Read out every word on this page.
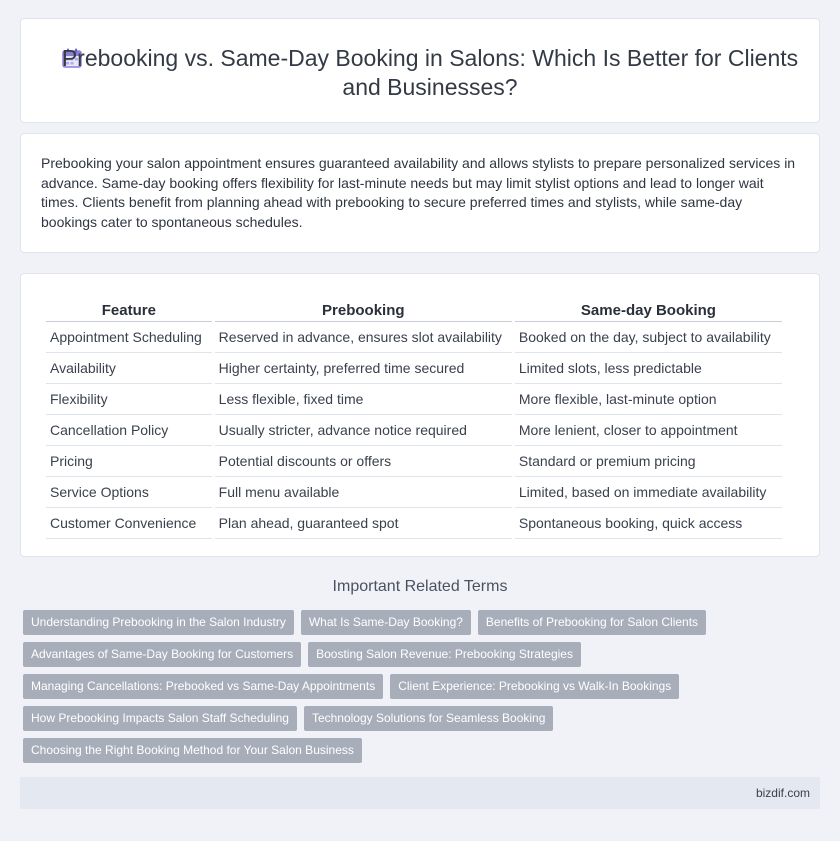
Prebooking vs. Same-Day Booking in Salons: Which Is Better for Clients and Businesses?

Prebooking your salon appointment ensures guaranteed availability and allows stylists to prepare personalized services in advance. Same-day booking offers flexibility for last-minute needs but may limit stylist options and lead to longer wait times. Clients benefit from planning ahead with prebooking to secure preferred times and stylists, while same-day bookings cater to spontaneous schedules.

Feature	Prebooking	Same-day Booking
Appointment Scheduling	Reserved in advance, ensures slot availability	Booked on the day, subject to availability
Availability	Higher certainty, preferred time secured	Limited slots, less predictable
Flexibility	Less flexible, fixed time	More flexible, last-minute option
Cancellation Policy	Usually stricter, advance notice required	More lenient, closer to appointment
Pricing	Potential discounts or offers	Standard or premium pricing
Service Options	Full menu available	Limited, based on immediate availability
Customer Convenience	Plan ahead, guaranteed spot	Spontaneous booking, quick access
Important Related Terms
Understanding Prebooking in the Salon Industry	What Is Same-Day Booking?	Benefits of Prebooking for Salon Clients
Advantages of Same-Day Booking for Customers	Boosting Salon Revenue: Prebooking Strategies
Managing Cancellations: Prebooked vs Same-Day Appointments	Client Experience: Prebooking vs Walk-In Bookings
How Prebooking Impacts Salon Staff Scheduling	Technology Solutions for Seamless Booking
Choosing the Right Booking Method for Your Salon Business
bizdif.com
